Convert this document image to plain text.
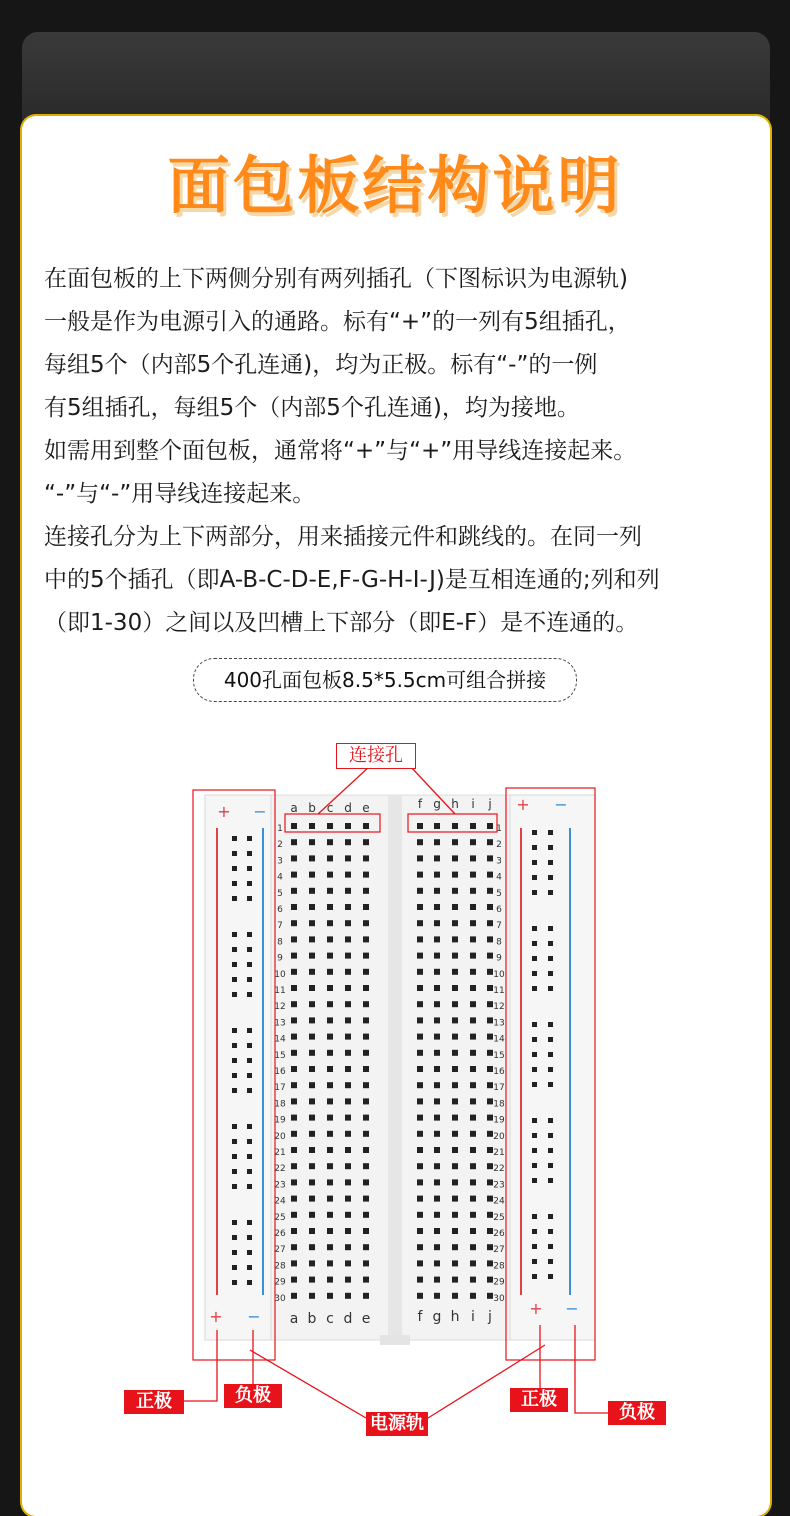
面包板结构说明
在面包板的上下两侧分别有两列插孔（下图标识为电源轨)
一般是作为电源引入的通路。标有“+”的一列有5组插孔，
每组5个（内部5个孔连通)，均为正极。标有“-”的一例
有5组插孔，每组5个（内部5个孔连通)，均为接地。
如需用到整个面包板，通常将“+”与“+”用导线连接起来。
“-”与“-”用导线连接起来。
连接孔分为上下两部分，用来插接元件和跳线的。在同一列
中的5个插孔（即A-B-C-D-E,F-G-H-I-J)是互相连通的;列和列
（即1-30）之间以及凹槽上下部分（即E-F）是不连通的。
400孔面包板8.5*5.5cm可组合拼接
+ −
+ −
+ −
+ −
a
a
b
b
c
c
d
d
e
e
f
f
g
g
h
h
i
i
j
j
1	1
2	2
3	3
4	4
5	5
6	6
7	7
8	8
9	9
10	10
11	11
12	12
13	13
14	14
15	15
16	16
17	17
18	18
19	19
20	20
21	21
22	22
23	23
24	24
25	25
26	26
27	27
28	28
29	29
30	30
连接孔
正极	负极
电源轨
正极
负极
